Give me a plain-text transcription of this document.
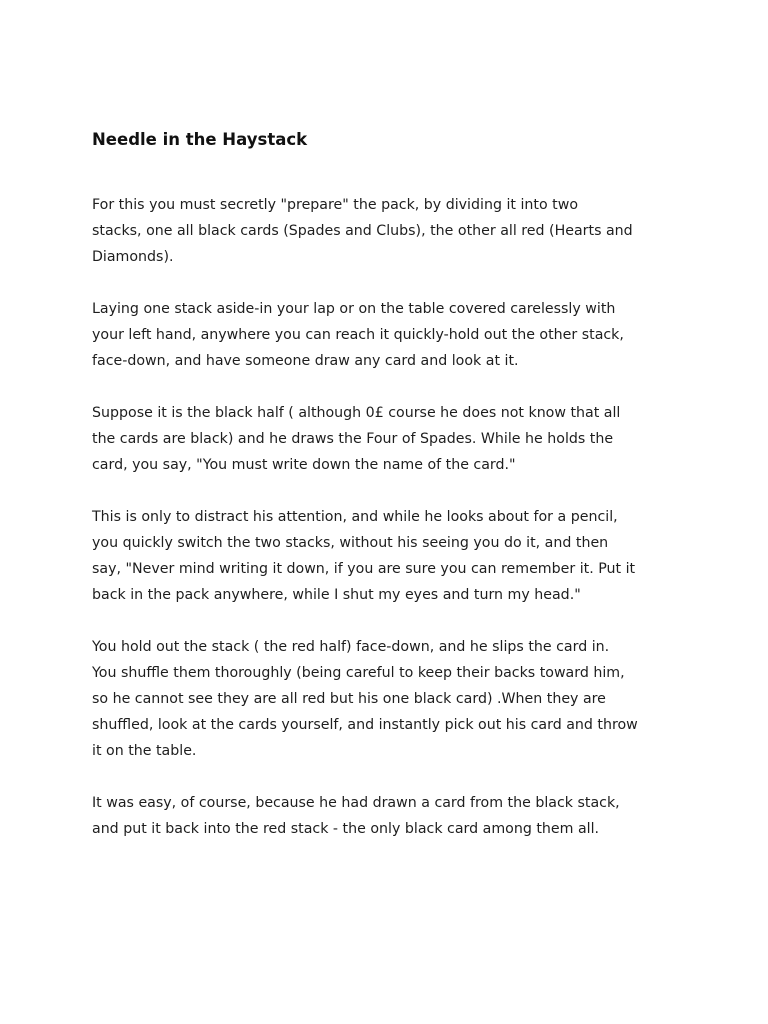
Needle in the Haystack

For this you must secretly "prepare" the pack, by dividing it into two
stacks, one all black cards (Spades and Clubs), the other all red (Hearts and
Diamonds).

Laying one stack aside-in your lap or on the table covered carelessly with
your left hand, anywhere you can reach it quickly-hold out the other stack,
face-down, and have someone draw any card and look at it.

Suppose it is the black half ( although 0£ course he does not know that all
the cards are black) and he draws the Four of Spades. While he holds the
card, you say, "You must write down the name of the card."

This is only to distract his attention, and while he looks about for a pencil,
you quickly switch the two stacks, without his seeing you do it, and then
say, "Never mind writing it down, if you are sure you can remember it. Put it
back in the pack anywhere, while I shut my eyes and turn my head."

You hold out the stack ( the red half) face-down, and he slips the card in.
You shuffle them thoroughly (being careful to keep their backs toward him,
so he cannot see they are all red but his one black card) .When they are
shuffled, look at the cards yourself, and instantly pick out his card and throw
it on the table.

It was easy, of course, because he had drawn a card from the black stack,
and put it back into the red stack - the only black card among them all.
